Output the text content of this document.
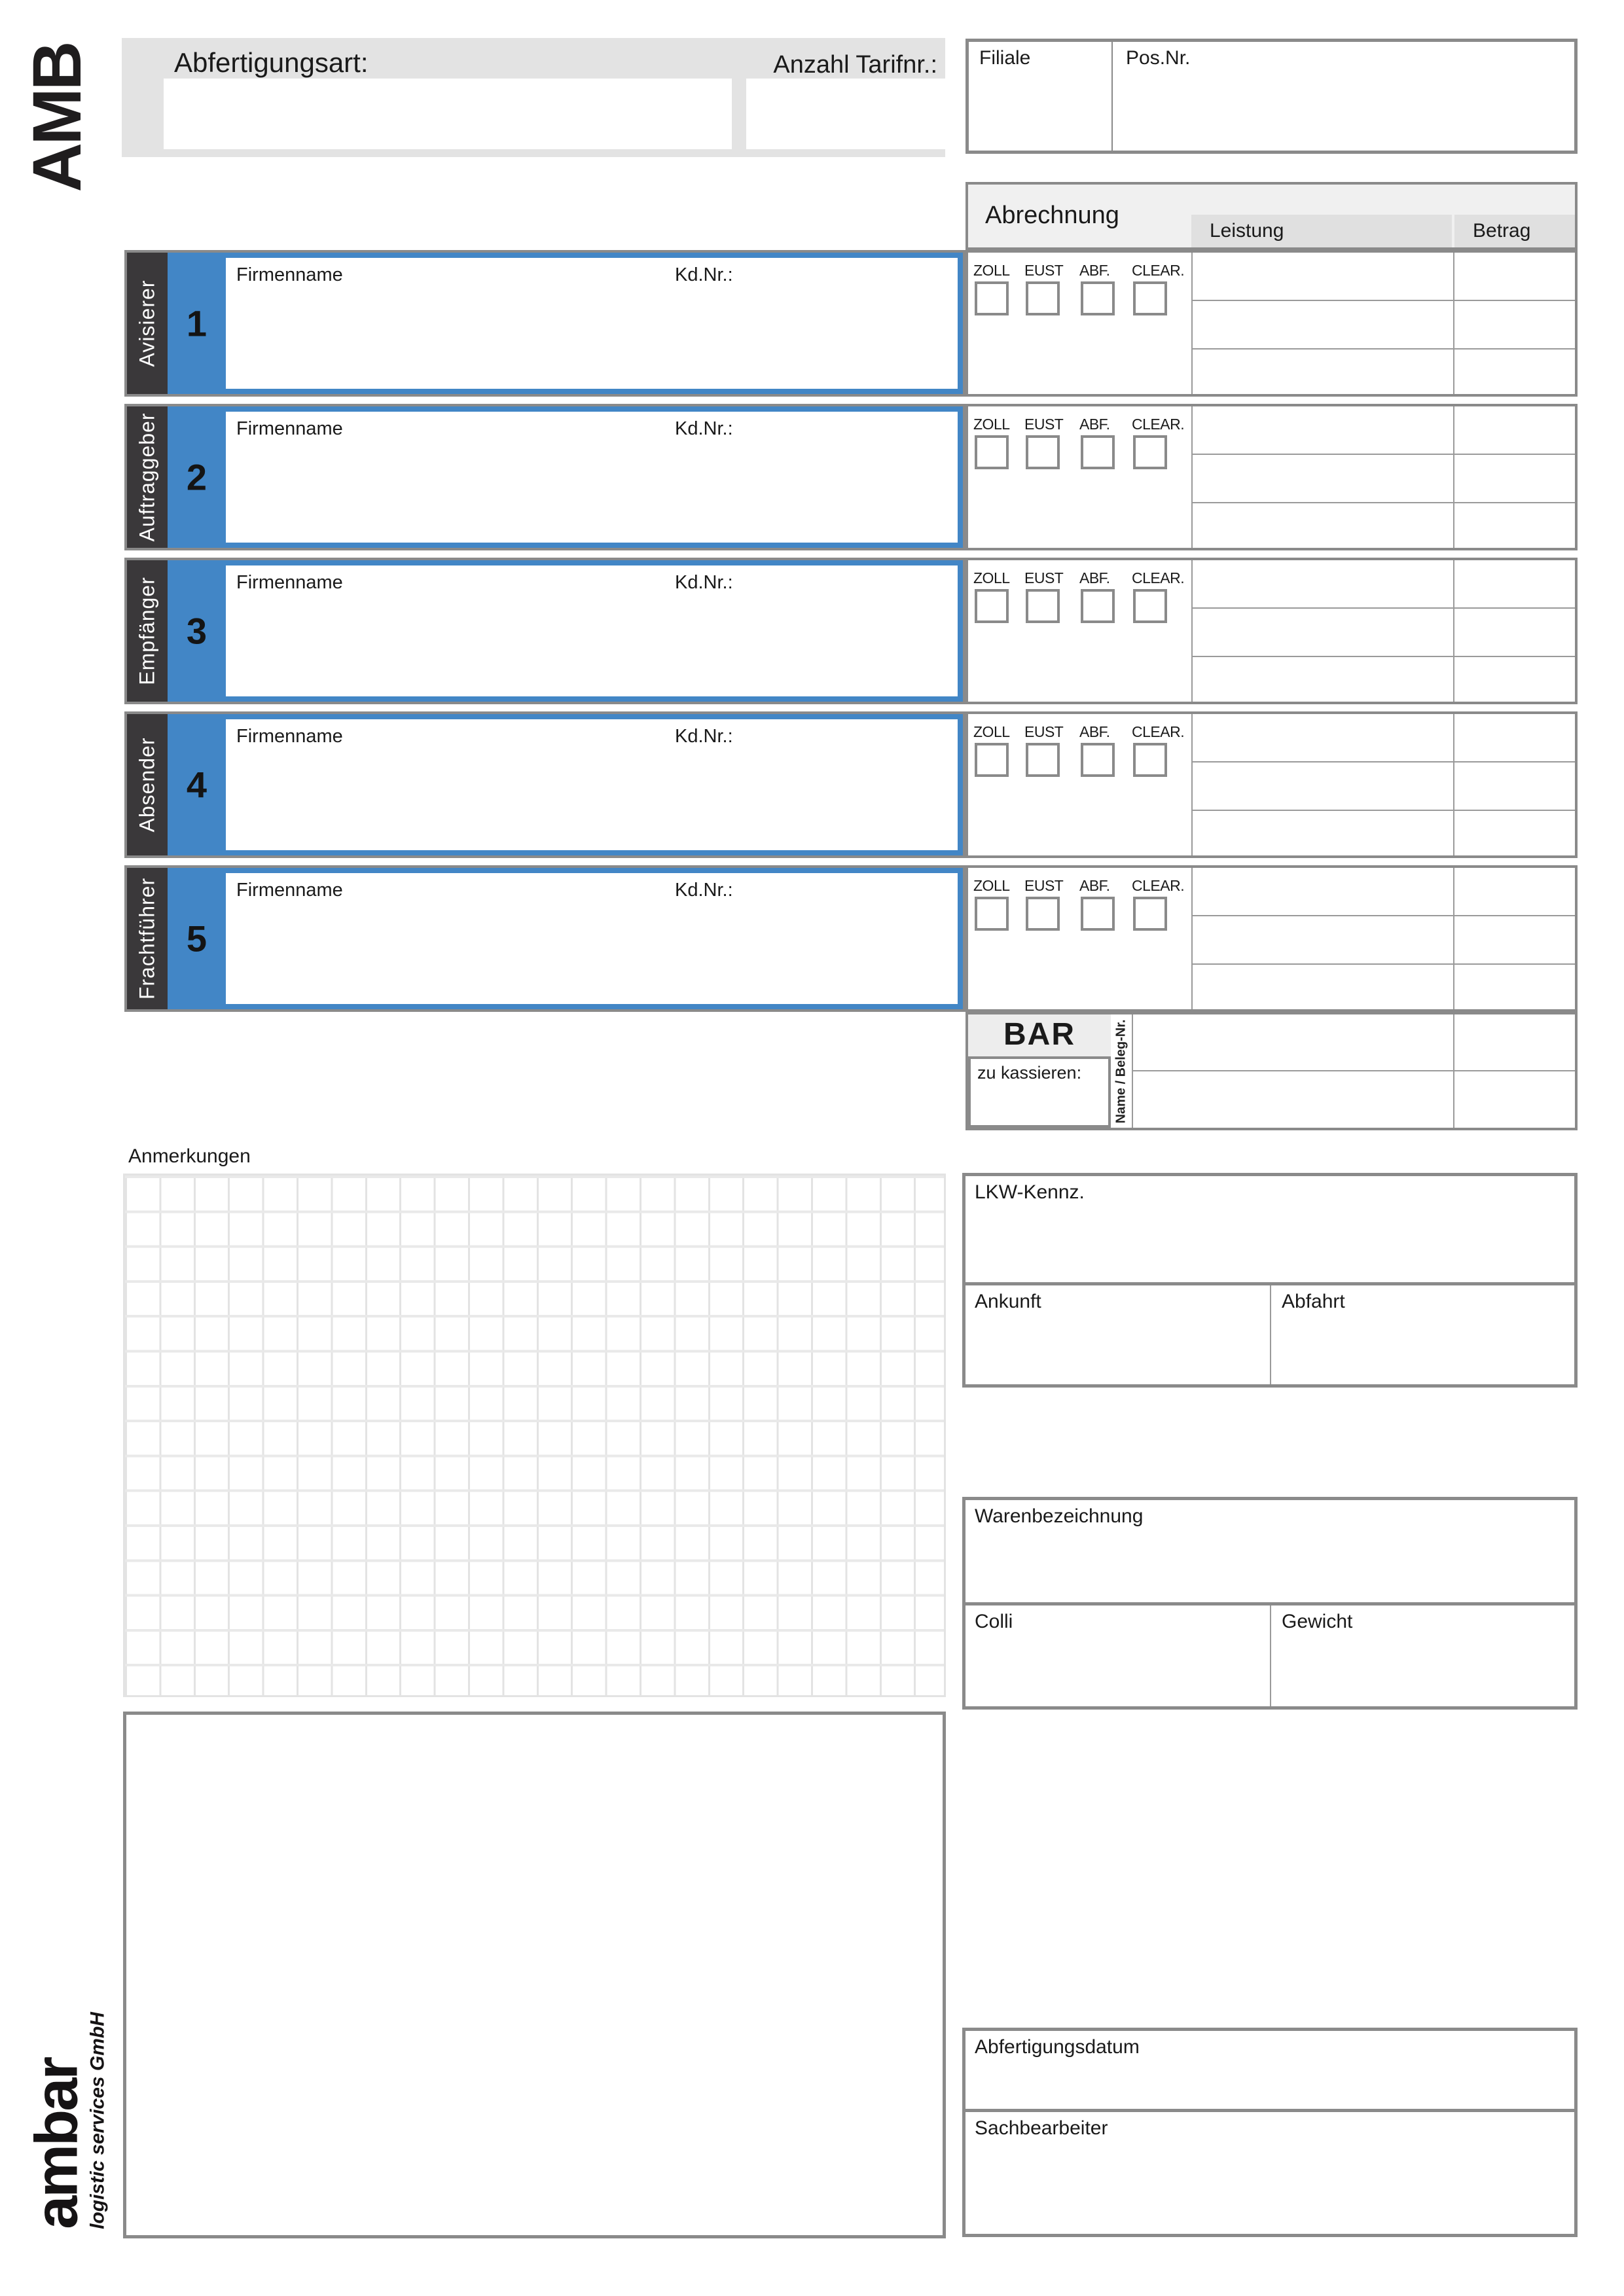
AMB	Abfertigungsart:	Anzahl Tarifnr.: Filiale	Pos.Nr.
Abrechnung
Leistung	Betrag
Avisierer 1
Firmenname	Kd.Nr.:
Auftraggeber 2
Firmenname	Kd.Nr.:
Empfänger 3
Firmenname	Kd.Nr.:
Absender 4
Firmenname	Kd.Nr.:
Frachtführer 5
Firmenname	Kd.Nr.:
ZOLL EUST ABF. CLEAR.
ZOLL EUST ABF. CLEAR.
ZOLL EUST ABF. CLEAR.
ZOLL EUST ABF. CLEAR.
ZOLL EUST ABF. CLEAR.
BAR
zu kassieren: Name / Beleg-Nr.
Anmerkungen
LKW-Kennz.
Ankunft	Abfahrt
Warenbezeichnung
Colli	Gewicht
Abfertigungsdatum
Sachbearbeiter
ambar
logistic services GmbH
